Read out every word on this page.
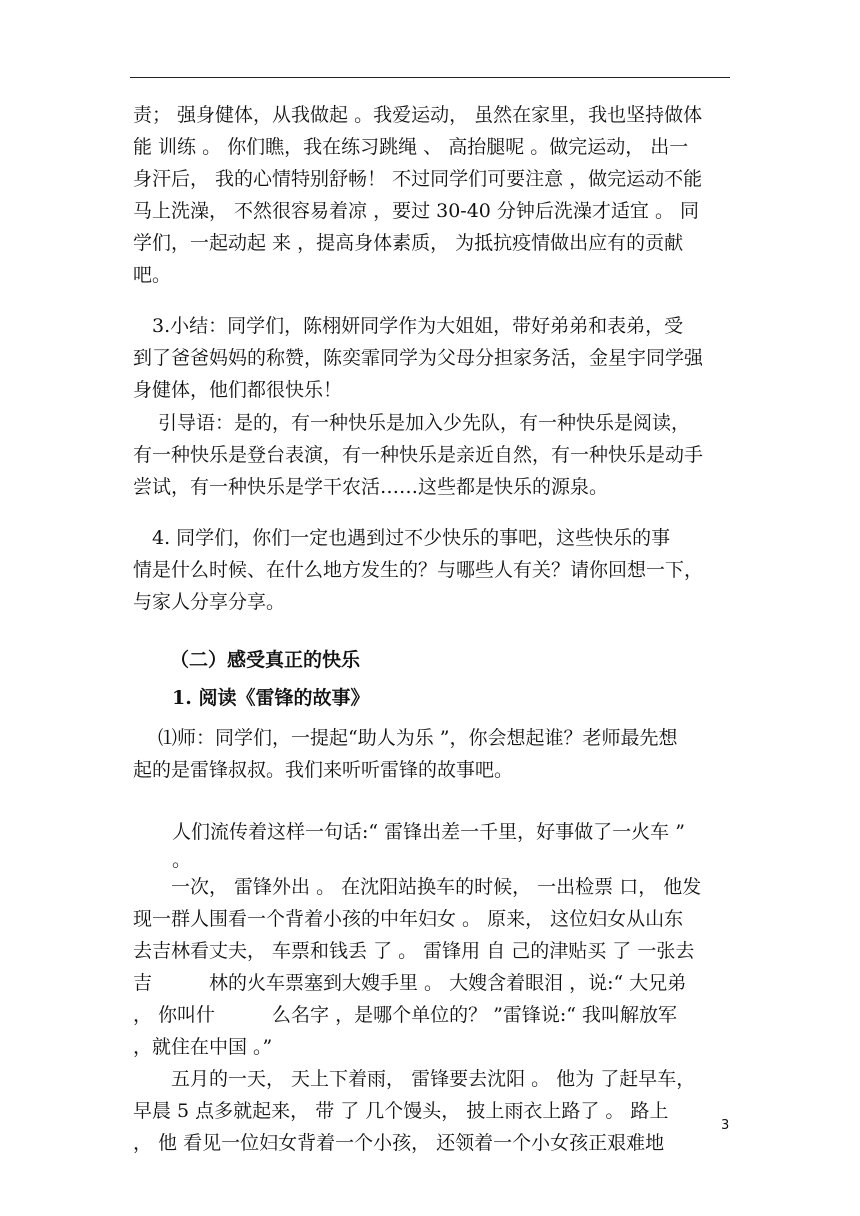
责； 强身健体，从我做起 。我爱运动， 虽然在家里，我也坚持做体
能 训练 。 你们瞧，我在练习跳绳 、 高抬腿呢 。做完运动， 出一
身汗后， 我的心情特别舒畅！ 不过同学们可要注意 ，做完运动不能
马上洗澡， 不然很容易着凉 ，要过 30-40 分钟后洗澡才适宜 。 同
学们，一起动起 来 ，提高身体素质， 为抵抗疫情做出应有的贡献
吧。

　3.小结：同学们，陈栩妍同学作为大姐姐，带好弟弟和表弟，受
到了爸爸妈妈的称赞，陈奕霏同学为父母分担家务活，金星宇同学强
身健体，他们都很快乐！

　 引导语：是的，有一种快乐是加入少先队，有一种快乐是阅读，
有一种快乐是登台表演，有一种快乐是亲近自然，有一种快乐是动手
尝试，有一种快乐是学干农活……这些都是快乐的源泉。

　4. 同学们，你们一定也遇到过不少快乐的事吧，这些快乐的事
情是什么时候、在什么地方发生的？与哪些人有关？请你回想一下，
与家人分享分享。

（二）感受真正的快乐

1. 阅读《雷锋的故事》

　 ⑴师：同学们，一提起“助人为乐 ”，你会想起谁？老师最先想
起的是雷锋叔叔。我们来听听雷锋的故事吧。

人们流传着这样一句话:“ 雷锋出差一千里，好事做了一火车 ”
。

一次， 雷锋外出 。 在沈阳站换车的时候， 一出检票 口， 他发
现一群人围看一个背着小孩的中年妇女 。 原来， 这位妇女从山东
去吉林看丈夫， 车票和钱丢 了 。 雷锋用 自 己的津贴买 了 一张去
吉　　　林的火车票塞到大嫂手里 。 大嫂含着眼泪 ，说:“ 大兄弟
， 你叫什　　　么名字 ，是哪个单位的？ ”雷锋说:“ 我叫解放军
，就住在中国 。”

五月的一天， 天上下着雨， 雷锋要去沈阳 。 他为 了赶早车，
早晨 5 点多就起来， 带 了 几个馒头， 披上雨衣上路了 。 路上
， 他 看见一位妇女背着一个小孩， 还领着一个小女孩正艰难地

3
